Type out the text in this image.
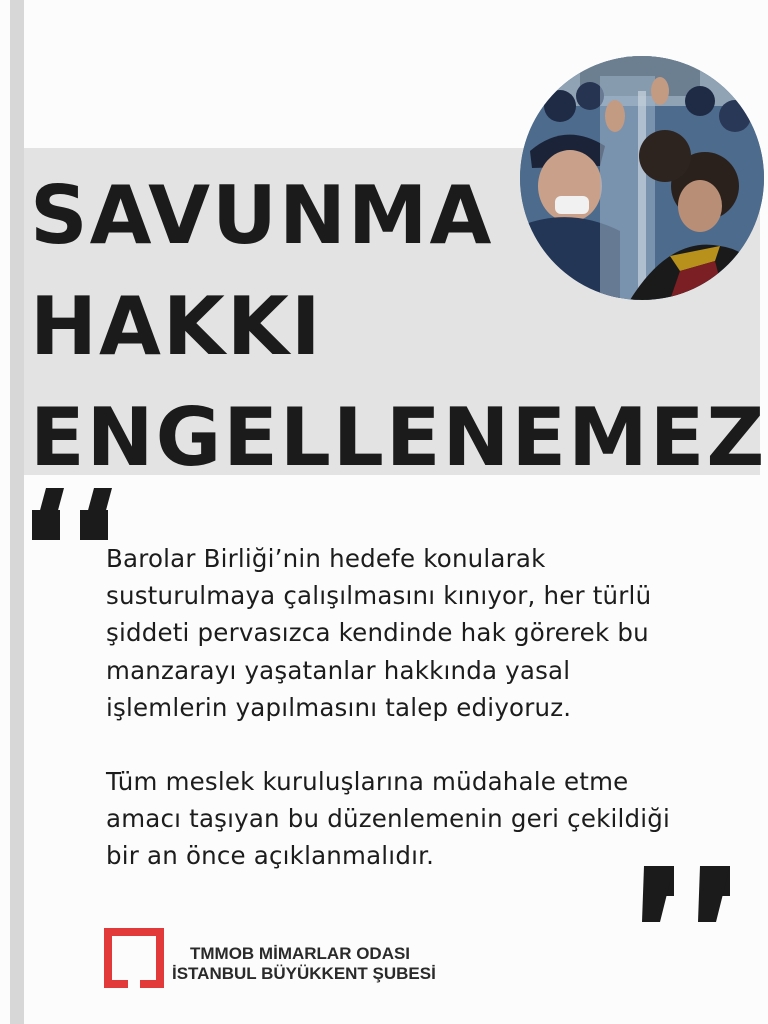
SAVUNMA
HAKKI
ENGELLENEMEZ

Barolar Birliği’nin hedefe konularak
susturulmaya çalışılmasını kınıyor, her türlü
şiddeti pervasızca kendinde hak görerek bu
manzarayı yaşatanlar hakkında yasal
işlemlerin yapılmasını talep ediyoruz.

Tüm meslek kuruluşlarına müdahale etme
amacı taşıyan bu düzenlemenin geri çekildiği
bir an önce açıklanmalıdır.

TMMOB MİMARLAR ODASI
İSTANBUL BÜYÜKKENT ŞUBESİ
